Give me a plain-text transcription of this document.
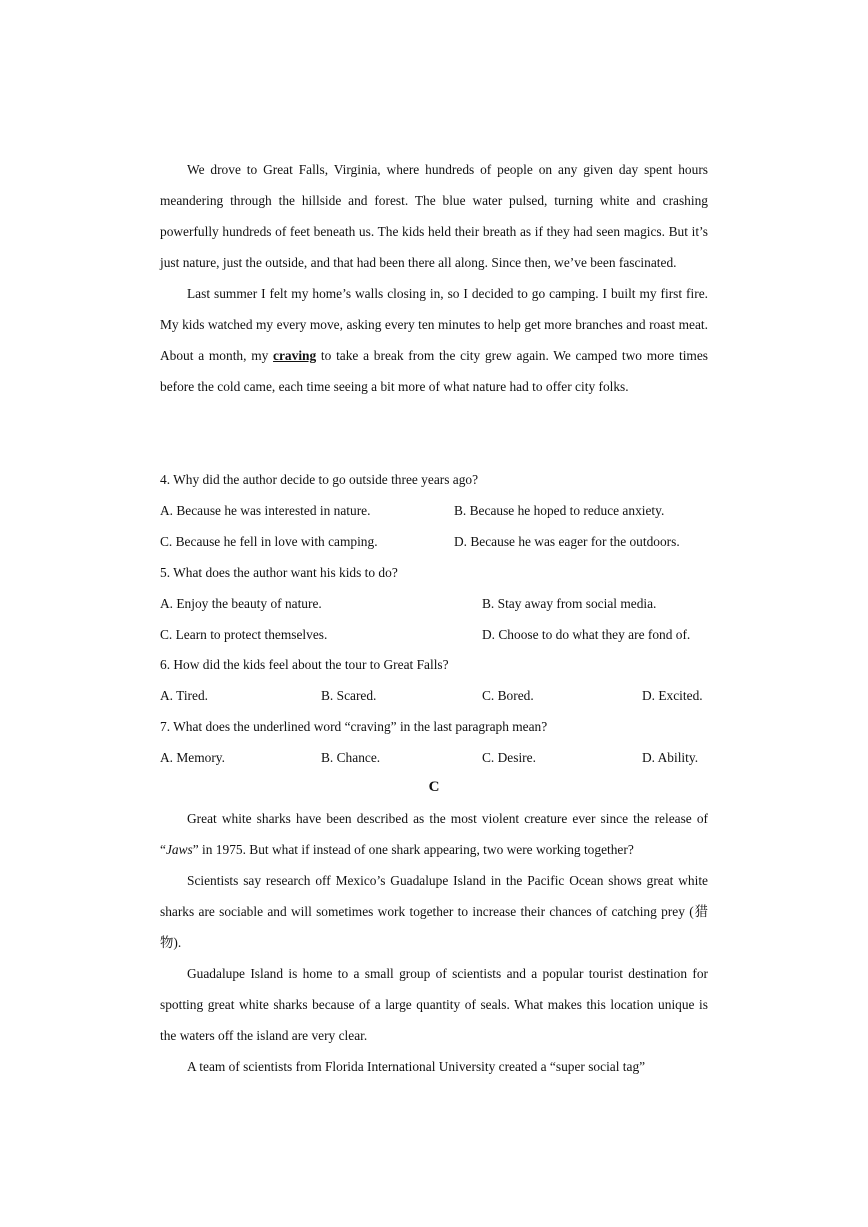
We drove to Great Falls, Virginia, where hundreds of people on any given day spent hours meandering through the hillside and forest. The blue water pulsed, turning white and crashing powerfully hundreds of feet beneath us. The kids held their breath as if they had seen magics. But it’s just nature, just the outside, and that had been there all along. Since then, we’ve been fascinated.

Last summer I felt my home’s walls closing in, so I decided to go camping. I built my first fire. My kids watched my every move, asking every ten minutes to help get more branches and roast meat. About a month, my craving to take a break from the city grew again. We camped two more times before the cold came, each time seeing a bit more of what nature had to offer city folks.

4. Why did the author decide to go outside three years ago?
A. Because he was interested in nature.	B. Because he hoped to reduce anxiety.
C. Because he fell in love with camping.	D. Because he was eager for the outdoors.
5. What does the author want his kids to do?
A. Enjoy the beauty of nature.	B. Stay away from social media.
C. Learn to protect themselves.	D. Choose to do what they are fond of.
6. How did the kids feel about the tour to Great Falls?
A. Tired.	B. Scared.	C. Bored.	D. Excited.
7. What does the underlined word “craving” in the last paragraph mean?
A. Memory.	B. Chance.	C. Desire.	D. Ability.
C

Great white sharks have been described as the most violent creature ever since the release of “Jaws” in 1975. But what if instead of one shark appearing, two were working together?

Scientists say research off Mexico’s Guadalupe Island in the Pacific Ocean shows great white sharks are sociable and will sometimes work together to increase their chances of catching prey (猎物).

Guadalupe Island is home to a small group of scientists and a popular tourist destination for spotting great white sharks because of a large quantity of seals. What makes this location unique is the waters off the island are very clear.

A team of scientists from Florida International University created a “super social tag”
